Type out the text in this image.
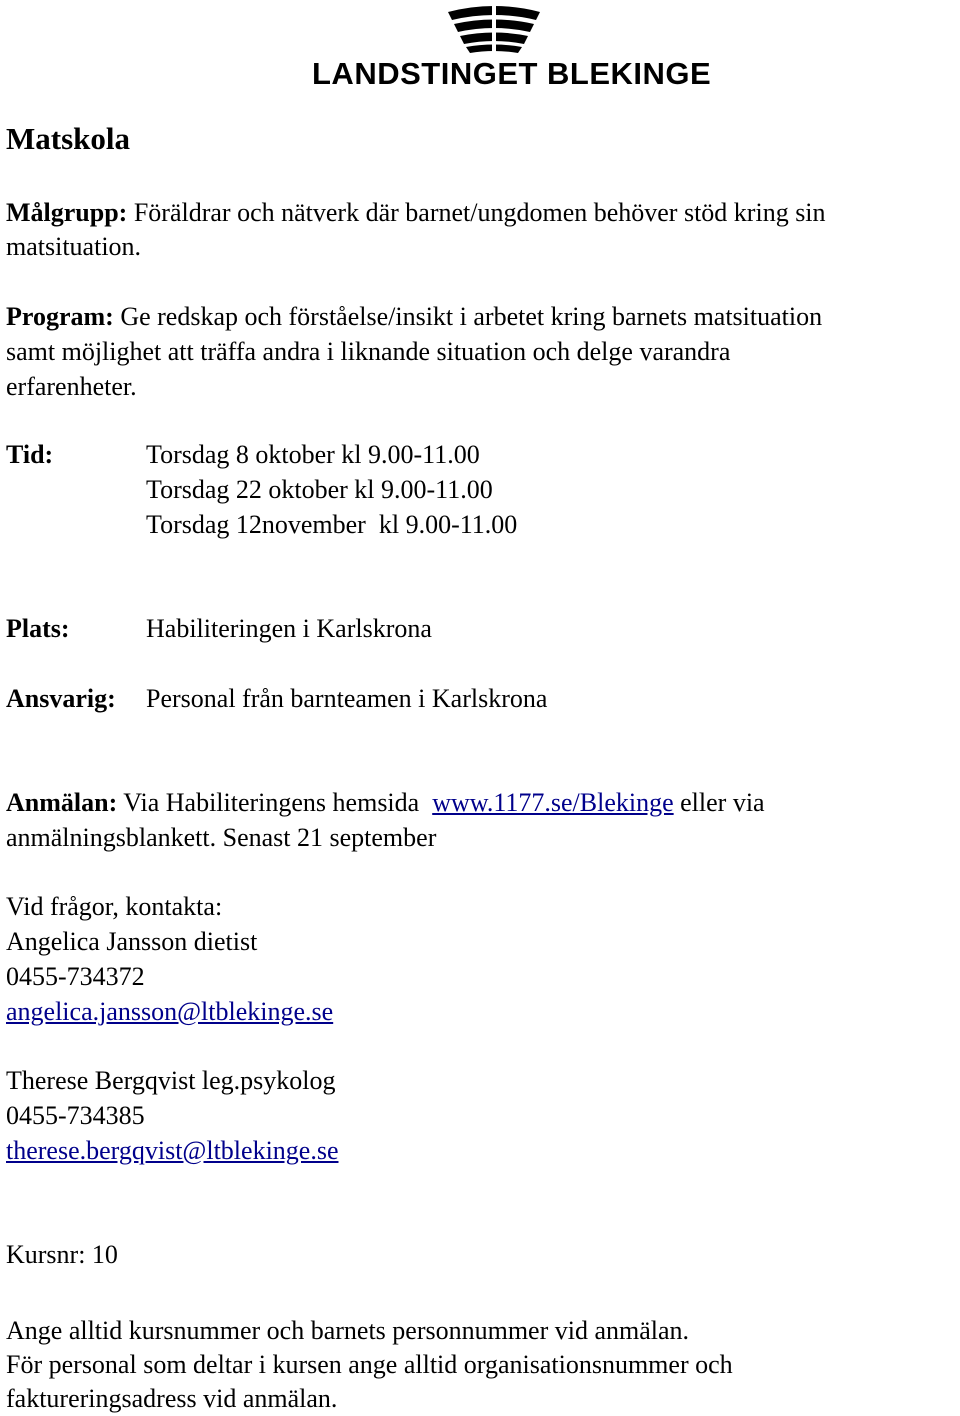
LANDSTINGET BLEKINGE
Matskola
Målgrupp: Föräldrar och nätverk där barnet/ungdomen behöver stöd kring sin
matsituation.
Program: Ge redskap och förståelse/insikt i arbetet kring barnets matsituation
samt möjlighet att träffa andra i liknande situation och delge varandra
erfarenheter.
Tid:	Torsdag 8 oktober kl 9.00-11.00
Torsdag 22 oktober kl 9.00-11.00
Torsdag 12november  kl 9.00-11.00
Plats:	Habiliteringen i Karlskrona
Ansvarig: Personal från barnteamen i Karlskrona
Anmälan: Via Habiliteringens hemsida www.1177.se/Blekinge eller via
anmälningsblankett. Senast 21 september
Vid frågor, kontakta:
Angelica Jansson dietist
0455-734372
angelica.jansson@ltblekinge.se
Therese Bergqvist leg.psykolog
0455-734385
therese.bergqvist@ltblekinge.se
Kursnr: 10
Ange alltid kursnummer och barnets personnummer vid anmälan.
För personal som deltar i kursen ange alltid organisationsnummer och
faktureringsadress vid anmälan.
